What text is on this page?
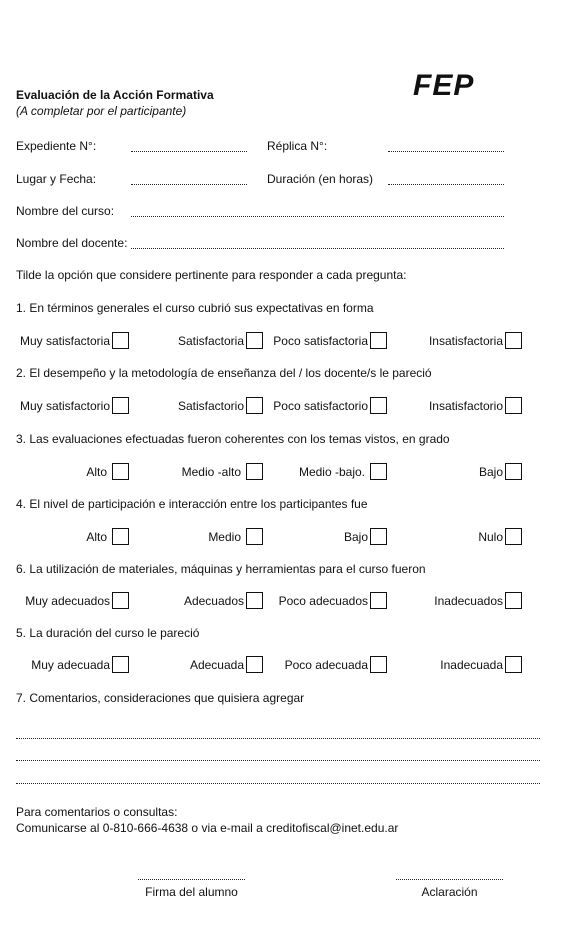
Evaluación de la Acción Formativa
(A completar por el participante)
FEP
Expediente N°:	Réplica N°:
Lugar y Fecha:	Duración (en horas)
Nombre del curso:
Nombre del docente:
Tilde la opción que considere pertinente para responder a cada pregunta:
1. En términos generales el curso cubrió sus expectativas en forma
Muy satisfactoria	Satisfactoria Poco satisfactoria	Insatisfactoria
2. El desempeño y la metodología de enseñanza del / los docente/s le pareció
Muy satisfactorio	Satisfactorio Poco satisfactorio	Insatisfactorio
3. Las evaluaciones efectuadas fueron coherentes con los temas vistos, en grado
Alto	Medio -alto	Medio -bajo.	Bajo
4. El nivel de participación e interacción entre los participantes fue
Alto	Medio	Bajo	Nulo
6. La utilización de materiales, máquinas y herramientas para el curso fueron
Muy adecuados	Adecuados	Poco adecuados	Inadecuados
5. La duración del curso le pareció
Muy adecuada	Adecuada	Poco adecuada	Inadecuada
7. Comentarios, consideraciones que quisiera agregar
Para comentarios o consultas:
Comunicarse al 0-810-666-4638 o via e-mail a creditofiscal@inet.edu.ar
Firma del alumno	Aclaración
